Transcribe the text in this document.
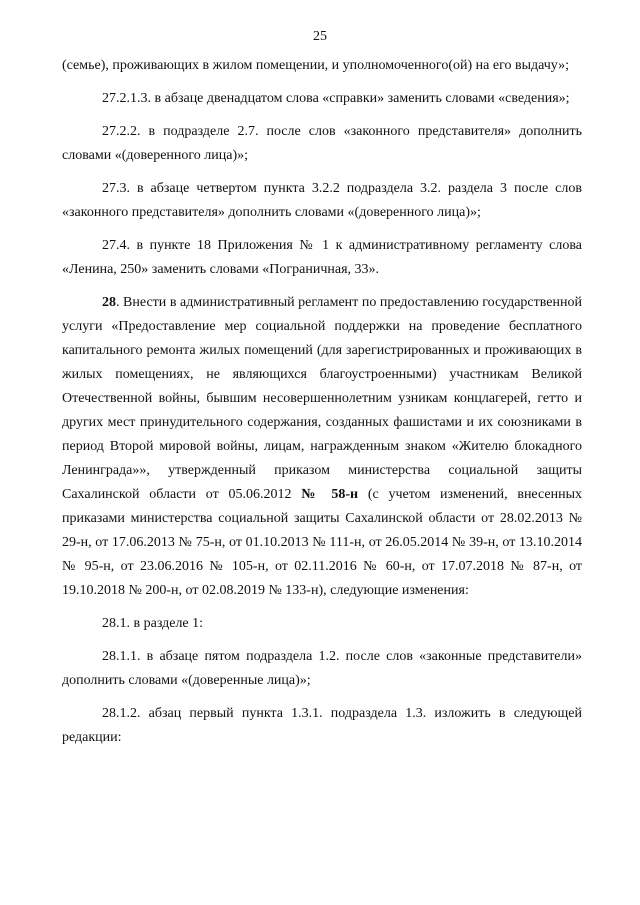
25

(семье), проживающих в жилом помещении, и уполномоченного(ой) на его выдачу»;

27.2.1.3. в абзаце двенадцатом слова «справки» заменить словами «сведения»;

27.2.2. в подразделе 2.7. после слов «законного представителя» дополнить словами «(доверенного лица)»;

27.3. в абзаце четвертом пункта 3.2.2 подраздела 3.2. раздела 3 после слов «законного представителя» дополнить словами «(доверенного лица)»;

27.4. в пункте 18 Приложения № 1 к административному регламенту слова «Ленина, 250» заменить словами «Пограничная, 33».

28. Внести в административный регламент по предоставлению государственной услуги «Предоставление мер социальной поддержки на проведение бесплатного капитального ремонта жилых помещений (для зарегистрированных и проживающих в жилых помещениях, не являющихся благоустроенными) участникам Великой Отечественной войны, бывшим несовершеннолетним узникам концлагерей, гетто и других мест принудительного содержания, созданных фашистами и их союзниками в период Второй мировой войны, лицам, награжденным знаком «Жителю блокадного Ленинграда»», утвержденный приказом министерства социальной защиты Сахалинской области от 05.06.2012 № 58-н (с учетом изменений, внесенных приказами министерства социальной защиты Сахалинской области от 28.02.2013 № 29-н, от 17.06.2013 № 75-н, от 01.10.2013 № 111-н, от 26.05.2014 № 39-н, от 13.10.2014 № 95-н, от 23.06.2016 № 105-н, от 02.11.2016 № 60-н, от 17.07.2018 № 87-н, от 19.10.2018 № 200-н, от 02.08.2019 № 133-н), следующие изменения:

28.1. в разделе 1:

28.1.1. в абзаце пятом подраздела 1.2. после слов «законные представители» дополнить словами «(доверенные лица)»;

28.1.2. абзац первый пункта 1.3.1. подраздела 1.3. изложить в следующей редакции:
